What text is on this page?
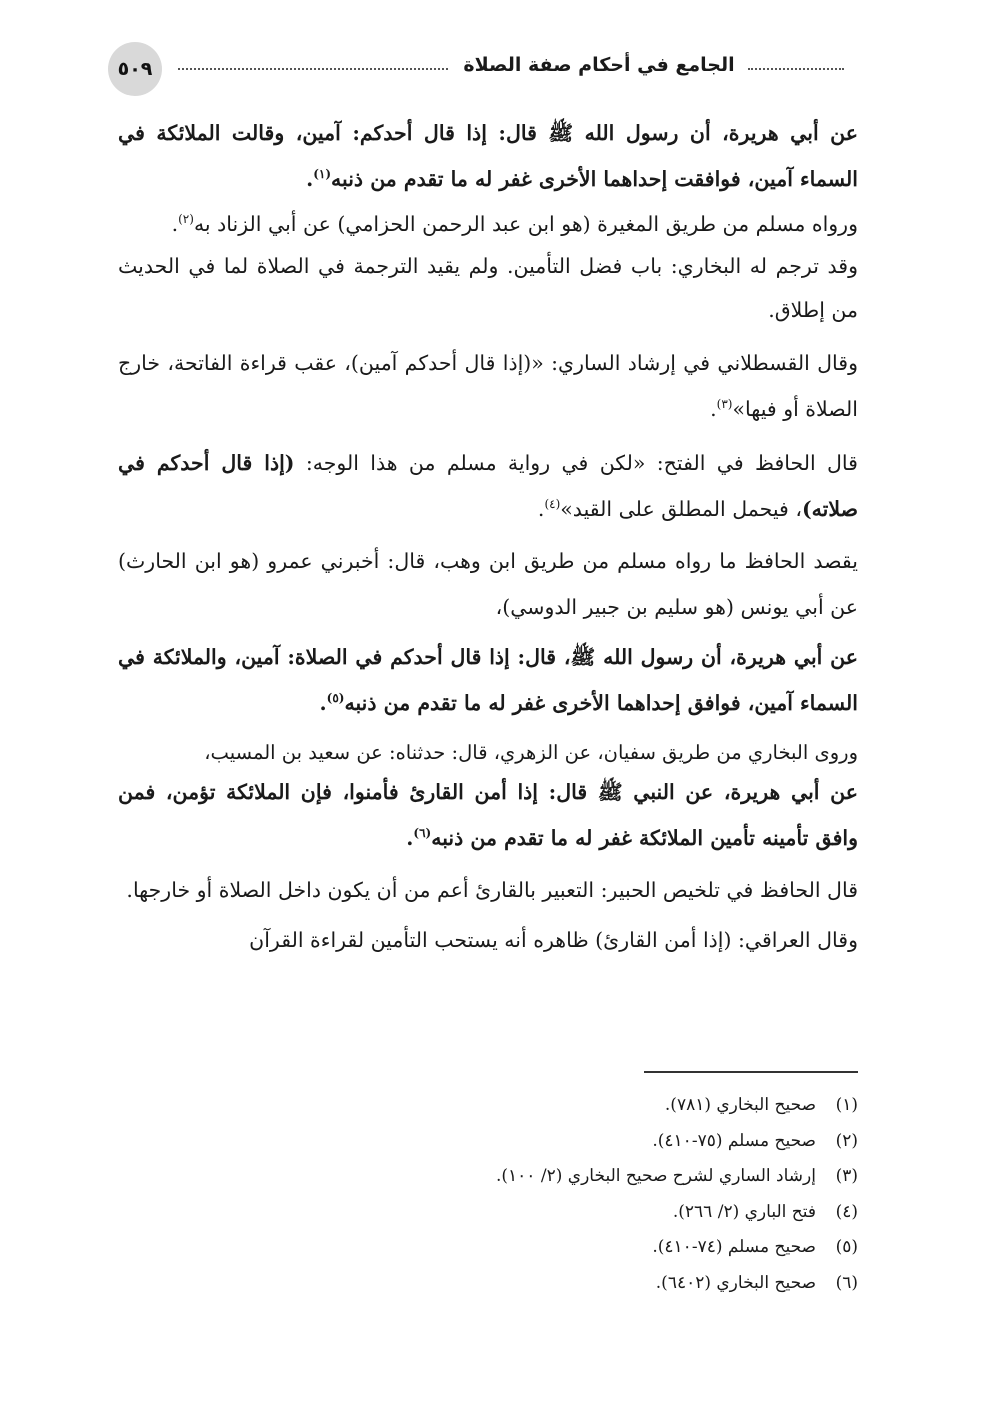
٥٠٩	الجامع في أحكام صفة الصلاة

عن أبي هريرة، أن رسول الله ﷺ قال: إذا قال أحدكم: آمين، وقالت الملائكة في السماء آمين، فوافقت إحداهما الأخرى غفر له ما تقدم من ذنبه$^{(١)}$.

ورواه مسلم من طريق المغيرة (هو ابن عبد الرحمن الحزامي) عن أبي الزناد به$^{(٢)}$.

وقد ترجم له البخاري: باب فضل التأمين. ولم يقيد الترجمة في الصلاة لما في الحديث من إطلاق.

وقال القسطلاني في إرشاد الساري: «(إذا قال أحدكم آمين)، عقب قراءة الفاتحة، خارج الصلاة أو فيها»$^{(٣)}$.

قال الحافظ في الفتح: «لكن في رواية مسلم من هذا الوجه: (إذا قال أحدكم في صلاته)، فيحمل المطلق على القيد»$^{(٤)}$.

يقصد الحافظ ما رواه مسلم من طريق ابن وهب، قال: أخبرني عمرو (هو ابن الحارث) عن أبي يونس (هو سليم بن جبير الدوسي)،

عن أبي هريرة، أن رسول الله ﷺ، قال: إذا قال أحدكم في الصلاة: آمين، والملائكة في السماء آمين، فوافق إحداهما الأخرى غفر له ما تقدم من ذنبه$^{(٥)}$.

وروى البخاري من طريق سفيان، عن الزهري، قال: حدثناه: عن سعيد بن المسيب،

عن أبي هريرة، عن النبي ﷺ قال: إذا أمن القارئ فأمنوا، فإن الملائكة تؤمن، فمن وافق تأمينه تأمين الملائكة غفر له ما تقدم من ذنبه$^{(٦)}$.

قال الحافظ في تلخيص الحبير: التعبير بالقارئ أعم من أن يكون داخل الصلاة أو خارجها.

وقال العراقي: (إذا أمن القارئ) ظاهره أنه يستحب التأمين لقراءة القرآن

(١)صحيح البخاري (٧٨١).
(٢)صحيح مسلم (٧٥-٤١٠).
(٣)إرشاد الساري لشرح صحيح البخاري (٢/ ١٠٠).
(٤)فتح الباري (٢/ ٢٦٦).
(٥)صحيح مسلم (٧٤-٤١٠).
(٦)صحيح البخاري (٦٤٠٢).
